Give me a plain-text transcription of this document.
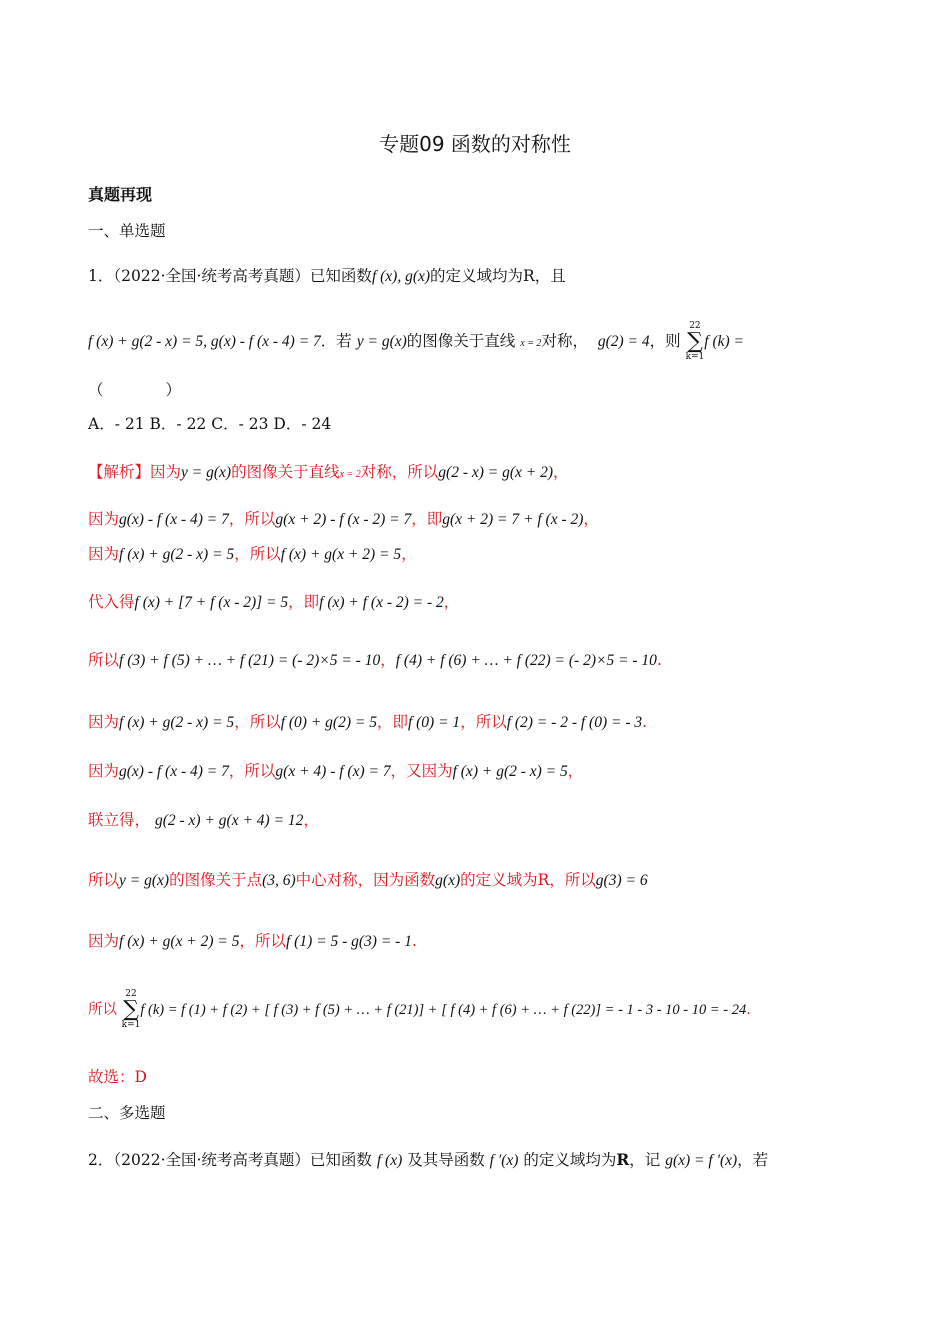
专题09 函数的对称性
真题再现
一、单选题
1．（2022·全国·统考高考真题）已知函数f (x), g(x)的定义域均为R，且
f (x) + g(2 - x) = 5, g(x) - f (x - 4) = 7．若 y = g(x)的图像关于直线 x = 2对称， g(2) = 4，则
22
∑
k=1
f (k) =
（　　　　）
A．- 21 B．- 22 C．- 23 D．- 24
【解析】因为y = g(x)的图像关于直线x = 2对称，所以g(2 - x) = g(x + 2)，
因为g(x) - f (x - 4) = 7，所以g(x + 2) - f (x - 2) = 7，即g(x + 2) = 7 + f (x - 2)，
因为f (x) + g(2 - x) = 5，所以f (x) + g(x + 2) = 5，
代入得f (x) + [7 + f (x - 2)] = 5，即f (x) + f (x - 2) = - 2，
所以f (3) + f (5) + … + f (21) = (- 2)×5 = - 10，f (4) + f (6) + … + f (22) = (- 2)×5 = - 10.
因为f (x) + g(2 - x) = 5，所以f (0) + g(2) = 5，即f (0) = 1，所以f (2) = - 2 - f (0) = - 3.
因为g(x) - f (x - 4) = 7，所以g(x + 4) - f (x) = 7，又因为f (x) + g(2 - x) = 5，
联立得， g(2 - x) + g(x + 4) = 12，
所以y = g(x)的图像关于点(3, 6)中心对称，因为函数g(x)的定义域为R，所以g(3) = 6
因为f (x) + g(x + 2) = 5，所以f (1) = 5 - g(3) = - 1.
所以
22
∑
k=1
f (k) = f (1) + f (2) + [ f (3) + f (5) + … + f (21)] + [ f (4) + f (6) + … + f (22)] = - 1 - 3 - 10 - 10 = - 24.
故选：D
二、多选题
2．（2022·全国·统考高考真题）已知函数 f (x) 及其导函数 f ′(x) 的定义域均为R，记 g(x) = f ′(x)，若
